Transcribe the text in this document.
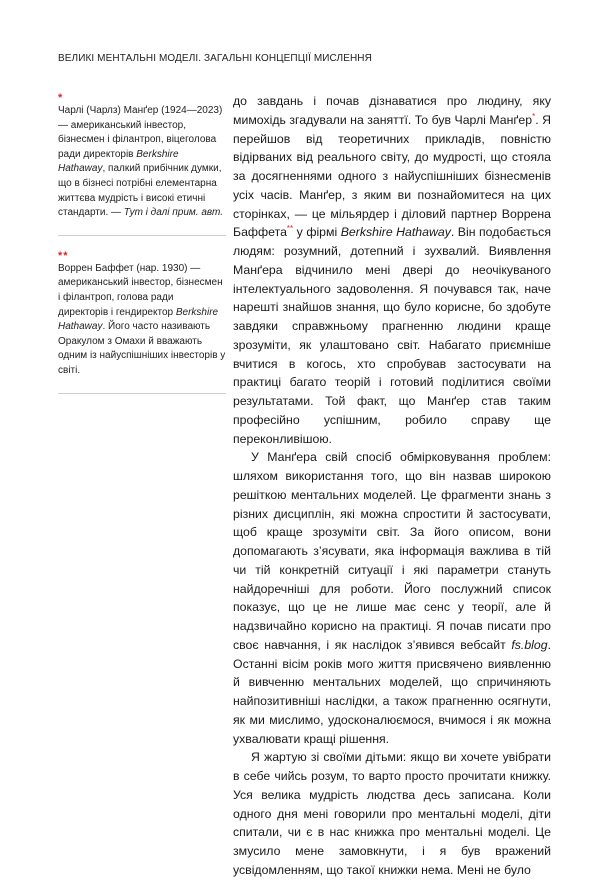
ВЕЛИКІ МЕНТАЛЬНІ МОДЕЛІ. ЗАГАЛЬНІ КОНЦЕПЦІЇ МИСЛЕННЯ
*
Чарлі (Чарлз) Манґер (1924—2023) — американський інвестор, бізнесмен і філантроп, віцеголова ради директорів Berkshire Hathaway, палкий прибічник думки, що в бізнесі потрібні елементарна життєва мудрість і високі етичні стандарти. — Тут і далі прим. авт.
**
Воррен Баффет (нар. 1930) — американський інвестор, бізнесмен і філантроп, голова ради директорів і гендиректор Berkshire Hathaway. Його часто називають Оракулом з Омахи й вважають одним із найуспішніших інвесторів у світі.

до завдань і почав дізнаватися про людину, яку мимохідь згадували на заняттї. То був Чарлі Манґер*. Я перейшов від теоретичних прикладів, повністю відірваних від реального світу, до мудрості, що стояла за досягненнями одного з найуспішніших бізнесменів усіх часів. Манґер, з яким ви познайомитеся на цих сторінках, — це мільярдер і діловий партнер Воррена Баффета** у фірмі Berkshire Hathaway. Він подобається людям: розумний, дотепний і зухвалий. Виявлення Манґера відчинило мені двері до неочікуваного інтелектуального задоволення. Я почувався так, наче нарешті знайшов знання, що було корисне, бо здобуте завдяки справжньому прагненню людини краще зрозуміти, як улаштовано світ. Набагато приємніше вчитися в когось, хто спробував застосувати на практиці багато теорій і готовий поділитися своїми результатами. Той факт, що Манґер став таким професійно успішним, робило справу ще переконливішою.

У Манґера свій спосіб обмірковування проблем: шляхом використання того, що він назвав широкою решіткою ментальних моделей. Це фрагменти знань з різних дисциплін, які можна спростити й застосувати, щоб краще зрозуміти світ. За його описом, вони допомагають з’ясувати, яка інформація важлива в тій чи тій конкретній ситуації і які параметри стануть найдоречніші для роботи. Його послужний список показує, що це не лише має сенс у теорії, але й надзвичайно корисно на практиці. Я почав писати про своє навчання, і як наслідок з’явився вебсайт fs.blog. Останні вісім років мого життя присвячено виявленню й вивченню ментальних моделей, що спричиняють найпозитивніші наслідки, а також прагненню осягнути, як ми мислимо, удосконалюємося, вчимося і як можна ухвалювати кращі рішення.

Я жартую зі своїми дітьми: якщо ви хочете увібрати в себе чийсь розум, то варто просто прочитати книжку. Уся велика мудрість людства десь записана. Коли одного дня мені говорили про ментальні моделі, діти спитали, чи є в нас книжка про ментальні моделі. Це змусило мене замовкнути, і я був вражений усвідомленням, що такої книжки нема. Мені не було
